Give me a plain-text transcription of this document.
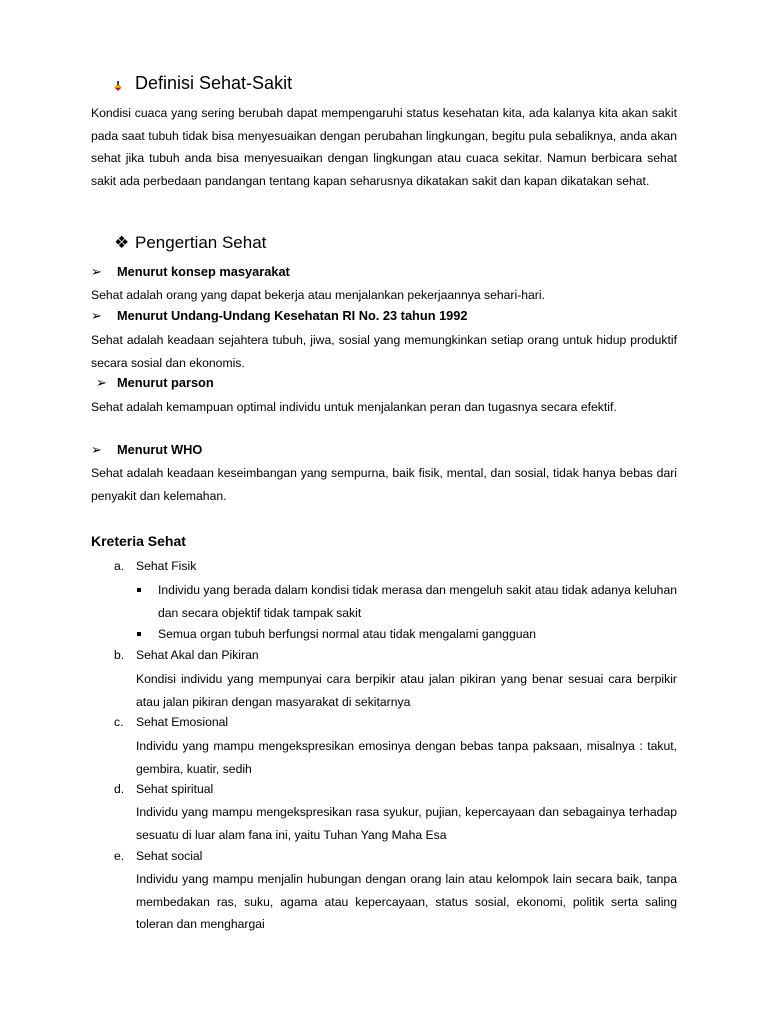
Definisi Sehat-Sakit
Kondisi cuaca yang sering berubah dapat mempengaruhi status kesehatan kita, ada kalanya kita akan sakit pada saat tubuh tidak bisa menyesuaikan dengan perubahan lingkungan, begitu pula sebaliknya, anda akan sehat jika tubuh anda bisa menyesuaikan dengan lingkungan atau cuaca sekitar. Namun berbicara sehat sakit ada perbedaan pandangan tentang kapan seharusnya dikatakan sakit dan kapan dikatakan sehat.
❖ Pengertian Sehat
➢ Menurut konsep masyarakat
Sehat adalah orang yang dapat bekerja atau menjalankan pekerjaannya sehari-hari.
➢ Menurut Undang-Undang Kesehatan RI No. 23 tahun 1992
Sehat adalah keadaan sejahtera tubuh, jiwa, sosial yang memungkinkan setiap orang untuk hidup produktif secara sosial dan ekonomis.
➢ Menurut parson
Sehat adalah kemampuan optimal individu untuk menjalankan peran dan tugasnya secara efektif.
➢ Menurut WHO
Sehat adalah keadaan keseimbangan yang sempurna, baik fisik, mental, dan sosial, tidak hanya bebas dari penyakit dan kelemahan.
Kreteria Sehat
a. Sehat Fisik
Individu yang berada dalam kondisi tidak merasa dan mengeluh sakit atau tidak adanya keluhan dan secara objektif tidak tampak sakit
Semua organ tubuh berfungsi normal atau tidak mengalami gangguan
b. Sehat Akal dan Pikiran
Kondisi individu yang mempunyai cara berpikir atau jalan pikiran yang benar sesuai cara berpikir atau jalan pikiran dengan masyarakat di sekitarnya
c. Sehat Emosional
Individu yang mampu mengekspresikan emosinya dengan bebas tanpa paksaan, misalnya : takut, gembira, kuatir, sedih
d. Sehat spiritual
Individu yang mampu mengekspresikan rasa syukur, pujian, kepercayaan dan sebagainya terhadap sesuatu di luar alam fana ini, yaitu Tuhan Yang Maha Esa
e. Sehat social
Individu yang mampu menjalin hubungan dengan orang lain atau kelompok lain secara baik, tanpa membedakan ras, suku, agama atau kepercayaan, status sosial, ekonomi, politik serta saling toleran dan menghargai
